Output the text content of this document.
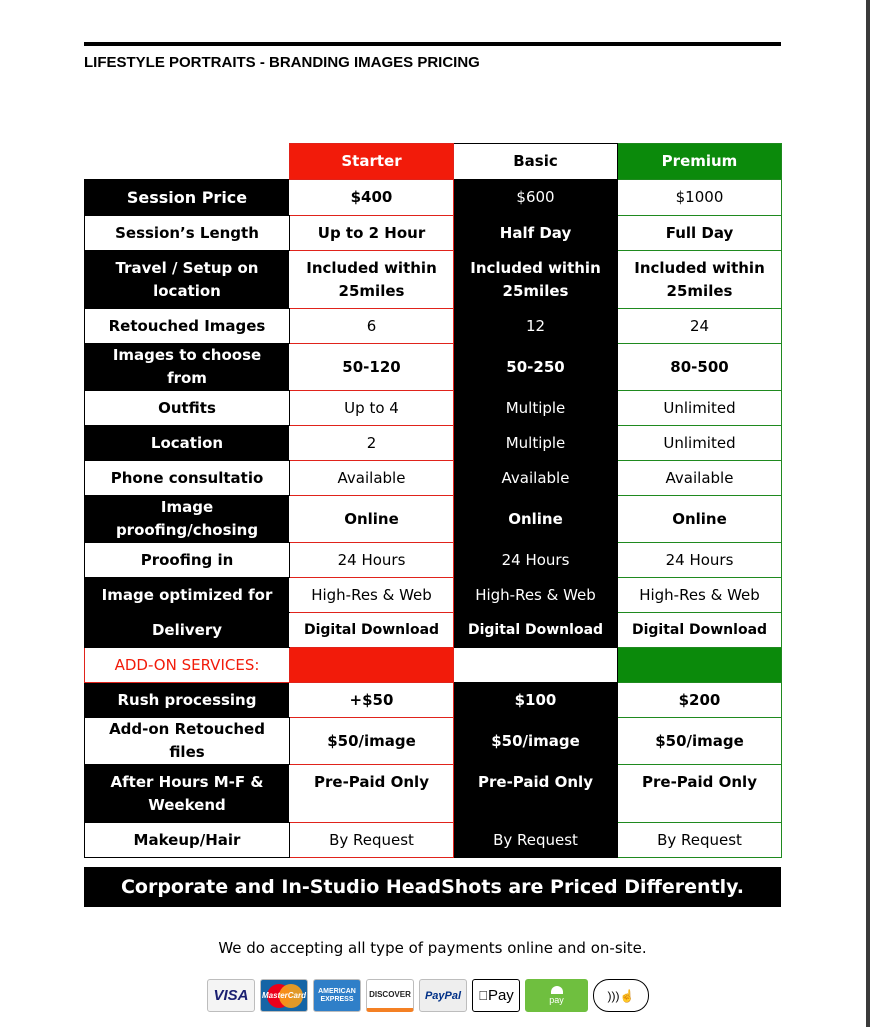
LIFESTYLE PORTRAITS - BRANDING IMAGES PRICING
	Starter	Basic	Premium
Session Price	$400	$600	$1000
Session’s Length	Up to 2 Hour	Half Day	Full Day
Travel / Setup on location	Included within 25miles	Included within 25miles	Included within 25miles
Retouched Images	6	12	24
Images to choose from	50-120	50-250	80-500
Outfits	Up to 4	Multiple	Unlimited
Location	2	Multiple	Unlimited
Phone consultatio	Available	Available	Available
Image proofing/chosing	Online	Online	Online
Proofing in	24 Hours	24 Hours	24 Hours
Image optimized for	High-Res & Web	High-Res & Web	High-Res & Web
Delivery	Digital Download	Digital Download	Digital Download
ADD-ON SERVICES:			
Rush processing	+$50	$100	$200
Add-on Retouched files	$50/image	$50/image	$50/image
After Hours M-F & Weekend	Pre-Paid Only	Pre-Paid Only	Pre-Paid Only
Makeup/Hair	By Request	By Request	By Request
Corporate and In-Studio HeadShots are Priced Differently.
We do accepting all type of payments online and on-site.
VISA	MasterCard	AMERICAN EXPRESS
DISCOVER	PayPal	Pay	pay	)))☝
